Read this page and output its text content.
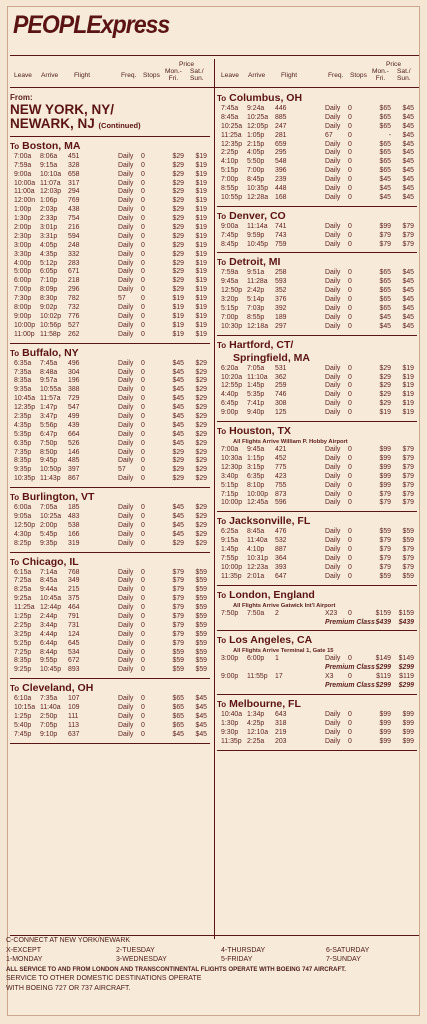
PEOPLExpress
Leave Arrive Flight	Freq. Stops
Price
Mon.-
Fri.
Sat./
Sun.	Leave Arrive Flight	Freq. Stops
Price
Mon.-
Fri.
Sat./
Sun.
From:
NEW YORK, NY/
NEWARK, NJ (Continued)
To Boston, MA
7:00a 8:06a 451	Daily 0	$29 $19
7:59a 9:15a 328	Daily 0	$29 $19
9:00a 10:10a 658	Daily 0	$29 $19
10:00a 11:07a 317	Daily 0	$29 $19
11:00a 12:03p 294	Daily 0	$29 $19
12:00n 1:06p 769	Daily 0	$29 $19
1:00p 2:03p 438	Daily 0	$29 $19
1:30p 2:33p 754	Daily 0	$29 $19
2:00p 3:01p 216	Daily 0	$29 $19
2:30p 3:31p 594	Daily 0	$29 $19
3:00p 4:05p 248	Daily 0	$29 $19
3:30p 4:35p 332	Daily 0	$29 $19
4:00p 5:12p 283	Daily 0	$29 $19
5:00p 6:05p 671	Daily 0	$29 $19
6:00p 7:10p 218	Daily 0	$29 $19
7:00p 8:09p 296	Daily 0	$29 $19
7:30p 8:30p 782	57 0	$19 $19
8:00p 9:02p 732	Daily 0	$19 $19
9:00p 10:02p 776	Daily 0	$19 $19
10:00p 10:56p 527	Daily 0	$19 $19
11:00p 11:58p 262	Daily 0	$19 $19
To Buffalo, NY
6:35a 7:45a 496	Daily 0	$45 $29
7:35a 8:48a 304	Daily 0	$45 $29
8:35a 9:57a 196	Daily 0	$45 $29
9:35a 10:55a 388	Daily 0	$45 $29
10:45a 11:57a 729	Daily 0	$45 $29
12:35p 1:47p 547	Daily 0	$45 $29
2:35p 3:47p 499	Daily 0	$45 $29
4:35p 5:56p 439	Daily 0	$45 $29
5:35p 6:47p 664	Daily 0	$45 $29
6:35p 7:50p 526	Daily 0	$45 $29
7:35p 8:50p 146	Daily 0	$29 $29
8:35p 9:45p 485	Daily 0	$29 $29
9:35p 10:50p 397	57 0	$29 $29
10:35p 11:43p 867	Daily 0	$29 $29
To Burlington, VT
6:00a 7:05a 185	Daily 0	$45 $29
9:05a 10:25a 483	Daily 0	$45 $29
12:50p 2:00p 538	Daily 0	$45 $29
4:30p 5:45p 166	Daily 0	$45 $29
8:25p 9:35p 319	Daily 0	$29 $29
To Chicago, IL
6:15a 7:14a 768	Daily 0	$79 $59
7:25a 8:45a 349	Daily 0	$79 $59
8:25a 9:44a 215	Daily 0	$79 $59
9:25a 10:45a 375	Daily 0	$79 $59
11:25a 12:44p 464	Daily 0	$79 $59
1:25p 2:44p 791	Daily 0	$79 $59
2:25p 3:44p 731	Daily 0	$79 $59
3:25p 4:44p 124	Daily 0	$79 $59
5:25p 6:44p 645	Daily 0	$79 $59
7:25p 8:44p 534	Daily 0	$59 $59
8:35p 9:55p 672	Daily 0	$59 $59
9:25p 10:45p 893	Daily 0	$59 $59
To Cleveland, OH
6:10a 7:35a 107	Daily 0	$65 $45
10:15a 11:40a 109	Daily 0	$65 $45
1:25p 2:50p 111	Daily 0	$65 $45
5:40p 7:05p 113	Daily 0	$65 $45
7:45p 9:10p 637	Daily 0	$45 $45
To Columbus, OH
7:45a 9:24a 446	Daily 0	$65 $45
8:45a 10:25a 885	Daily 0	$65 $45
10:25a 12:05p 247	Daily 0	$65 $45
11:25a 1:05p 281	67 0	- $45
12:35p 2:15p 659	Daily 0	$65 $45
2:25p 4:05p 295	Daily 0	$65 $45
4:10p 5:50p 548	Daily 0	$65 $45
5:15p 7:00p 396	Daily 0	$65 $45
7:00p 8:45p 239	Daily 0	$45 $45
8:55p 10:35p 448	Daily 0	$45 $45
10:55p 12:28a 168	Daily 0	$45 $45
To Denver, CO
9:00a 11:14a 741	Daily 0	$99 $79
7:45p 9:59p 743	Daily 0	$79 $79
8:45p 10:45p 759	Daily 0	$79 $79
To Detroit, MI
7:59a 9:51a 258	Daily 0	$65 $45
9:45a 11:28a 593	Daily 0	$65 $45
12:50p 2:42p 352	Daily 0	$65 $45
3:20p 5:14p 376	Daily 0	$65 $45
5:15p 7:03p 392	Daily 0	$65 $45
7:00p 8:55p 189	Daily 0	$45 $45
10:30p 12:18a 297	Daily 0	$45 $45
To Hartford, CT/
Springfield, MA
6:20a 7:05a 531	Daily 0	$29 $19
10:20a 11:10a 362	Daily 0	$29 $19
12:55p 1:45p 259	Daily 0	$29 $19
4:40p 5:35p 746	Daily 0	$29 $19
6:45p 7:41p 308	Daily 0	$29 $19
9:00p 9:40p 125	Daily 0	$19 $19
To Houston, TX
All Flights Arrive William P. Hobby Airport
7:00a 9:45a 421	Daily 0	$99 $79
10:30a 1:15p 452	Daily 0	$99 $79
12:30p 3:15p 775	Daily 0	$99 $79
3:40p 6:35p 423	Daily 0	$99 $79
5:15p 8:10p 755	Daily 0	$99 $79
7:15p 10:00p 873	Daily 0	$79 $79
10:00p 12:45a 596	Daily 0	$79 $79
To Jacksonville, FL
6:25a 8:45a 476	Daily 0	$59 $59
9:15a 11:40a 532	Daily 0	$79 $59
1:45p 4:10p 887	Daily 0	$79 $79
7:55p 10:31p 364	Daily 0	$79 $79
10:00p 12:23a 393	Daily 0	$79 $79
11:35p 2:01a 647	Daily 0	$59 $59
To London, England
All Flights Arrive Gatwick Int'l Airport
7:50p 7:50a 2	X23 0	$159 $159
Premium Class $439 $439
To Los Angeles, CA
All Flights Arrive Terminal 1, Gate 15
3:00p 6:00p 1	Daily 0	$149 $149
Premium Class $299 $299
9:00p 11:55p 17	X3 0	$119 $119
Premium Class $299 $299
To Melbourne, FL
10:40a 1:34p 643	Daily 0	$99 $99
1:30p 4:25p 318	Daily 0	$99 $99
9:30p 12:10a 219	Daily 0	$99 $99
11:35p 2:25a 203	Daily 0	$99 $99
C-CONNECT AT NEW YORK/NEWARK
X-EXCEPT	2-TUESDAY	4-THURSDAY	6-SATURDAY
1-MONDAY	3-WEDNESDAY	5-FRIDAY	7-SUNDAY
ALL SERVICE TO AND FROM LONDON AND TRANSCONTINENTAL FLIGHTS OPERATE WITH BOEING 747 AIRCRAFT.
SERVICE TO OTHER DOMESTIC DESTINATIONS OPERATE
WITH BOEING 727 OR 737 AIRCRAFT.
